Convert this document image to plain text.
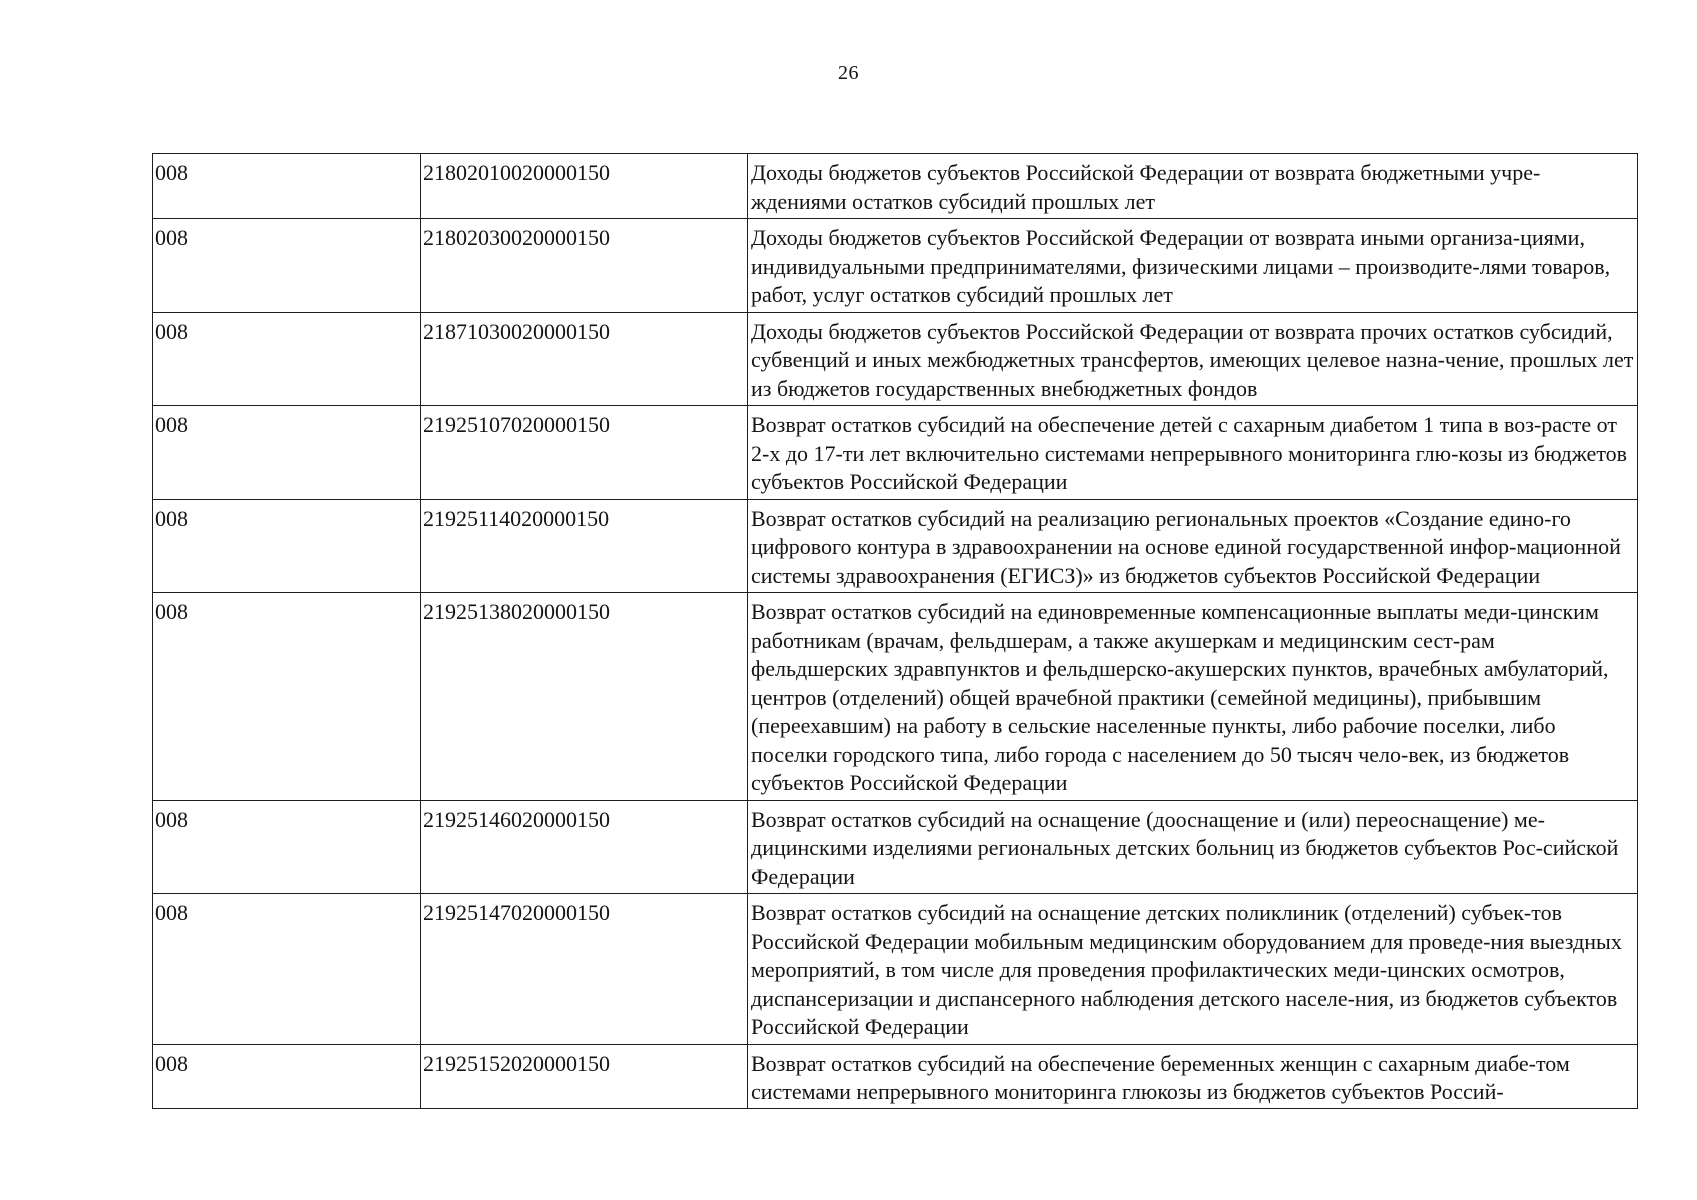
26
008	21802010020000150	Доходы бюджетов субъектов Российской Федерации от возврата бюджетными учре-ждениями остатков субсидий прошлых лет
008	21802030020000150	Доходы бюджетов субъектов Российской Федерации от возврата иными организа-циями, индивидуальными предпринимателями, физическими лицами – производите-лями товаров, работ, услуг остатков субсидий прошлых лет
008	21871030020000150	Доходы бюджетов субъектов Российской Федерации от возврата прочих остатков субсидий, субвенций и иных межбюджетных трансфертов, имеющих целевое назна-чение, прошлых лет из бюджетов государственных внебюджетных фондов
008	21925107020000150	Возврат остатков субсидий на обеспечение детей с сахарным диабетом 1 типа в воз-расте от 2-х до 17-ти лет включительно системами непрерывного мониторинга глю-козы из бюджетов субъектов Российской Федерации
008	21925114020000150	Возврат остатков субсидий на реализацию региональных проектов «Создание едино-го цифрового контура в здравоохранении на основе единой государственной инфор-мационной системы здравоохранения (ЕГИСЗ)» из бюджетов субъектов Российской Федерации
008	21925138020000150	Возврат остатков субсидий на единовременные компенсационные выплаты меди-цинским работникам (врачам, фельдшерам, а также акушеркам и медицинским сест-рам фельдшерских здравпунктов и фельдшерско-акушерских пунктов, врачебных амбулаторий, центров (отделений) общей врачебной практики (семейной медицины), прибывшим (переехавшим) на работу в сельские населенные пункты, либо рабочие поселки, либо поселки городского типа, либо города с населением до 50 тысяч чело-век, из бюджетов субъектов Российской Федерации
008	21925146020000150	Возврат остатков субсидий на оснащение (дооснащение и (или) переоснащение) ме-дицинскими изделиями региональных детских больниц из бюджетов субъектов Рос-сийской Федерации
008	21925147020000150	Возврат остатков субсидий на оснащение детских поликлиник (отделений) субъек-тов Российской Федерации мобильным медицинским оборудованием для проведе-ния выездных мероприятий, в том числе для проведения профилактических меди-цинских осмотров, диспансеризации и диспансерного наблюдения детского населе-ния, из бюджетов субъектов Российской Федерации

008	21925152020000150	Возврат остатков субсидий на обеспечение беременных женщин с сахарным диабе-том системами непрерывного мониторинга глюкозы из бюджетов субъектов Россий-
